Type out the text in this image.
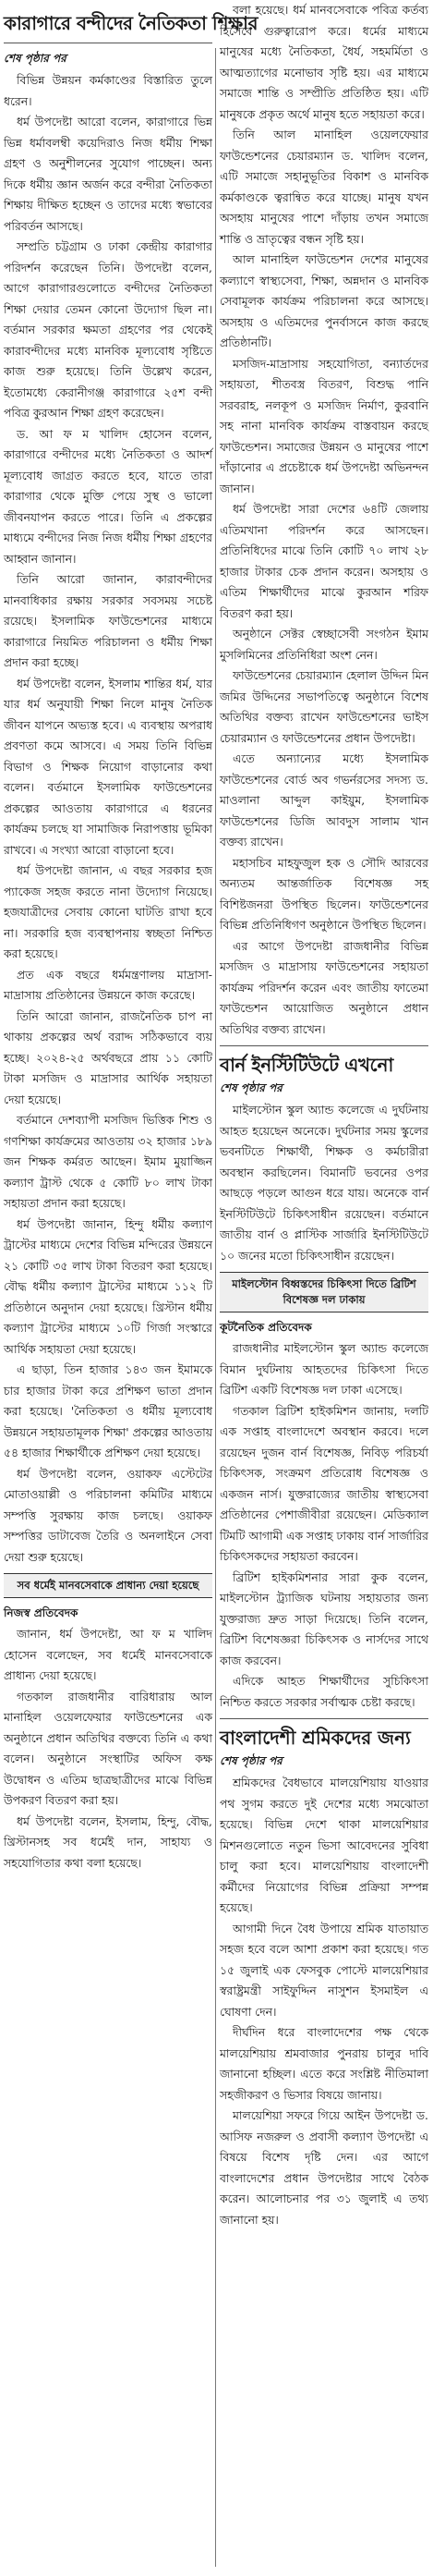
কারাগারে বন্দীদের নৈতিকতা শিক্ষার
শেষ পৃষ্ঠার পর

বিভিন্ন উন্নয়ন কর্মকাণ্ডের বিস্তারিত তুলে ধরেন।

ধর্ম উপদেষ্টা আরো বলেন, কারাগারে ভিন্ন ভিন্ন ধর্মাবলম্বী কয়েদিরাও নিজ ধর্মীয় শিক্ষা গ্রহণ ও অনুশীলনের সুযোগ পাচ্ছেন। অন্য দিকে ধর্মীয় জ্ঞান অর্জন করে বন্দীরা নৈতিকতা শিক্ষায় দীক্ষিত হচ্ছেন ও তাদের মধ্যে স্বভাবের পরিবর্তন আসছে।

সম্প্রতি চট্টগ্রাম ও ঢাকা কেন্দ্রীয় কারাগার পরিদর্শন করেছেন তিনি। উপদেষ্টা বলেন, আগে কারাগারগুলোতে বন্দীদের নৈতিকতা শিক্ষা দেয়ার তেমন কোনো উদ্যোগ ছিল না। বর্তমান সরকার ক্ষমতা গ্রহণের পর থেকেই কারাবন্দীদের মধ্যে মানবিক মূল্যবোধ সৃষ্টিতে কাজ শুরু হয়েছে। তিনি উল্লেখ করেন, ইতোমধ্যে কেরানীগঞ্জ কারাগারে ২৫শ বন্দী পবিত্র কুরআন শিক্ষা গ্রহণ করেছেন।

ড. আ ফ ম খালিদ হোসেন বলেন, কারাগারে বন্দীদের মধ্যে নৈতিকতা ও আদর্শ মূল্যবোধ জাগ্রত করতে হবে, যাতে তারা কারাগার থেকে মুক্তি পেয়ে সুস্থ ও ভালো জীবনযাপন করতে পারে। তিনি এ প্রকল্পের মাধ্যমে বন্দীদের নিজ নিজ ধর্মীয় শিক্ষা গ্রহণের আহ্বান জানান।

তিনি আরো জানান, কারাবন্দীদের মানবাধিকার রক্ষায় সরকার সবসময় সচেষ্ট রয়েছে। ইসলামিক ফাউন্ডেশনের মাধ্যমে কারাগারে নিয়মিত পরিচালনা ও ধর্মীয় শিক্ষা প্রদান করা হচ্ছে।

ধর্ম উপদেষ্টা বলেন, ইসলাম শান্তির ধর্ম, যার যার ধর্ম অনুযায়ী শিক্ষা নিলে মানুষ নৈতিক জীবন যাপনে অভ্যস্ত হবে। এ ব্যবস্থায় অপরাধ প্রবণতা কমে আসবে। এ সময় তিনি বিভিন্ন বিভাগ ও শিক্ষক নিয়োগ বাড়ানোর কথা বলেন। বর্তমানে ইসলামিক ফাউন্ডেশনের প্রকল্পের আওতায় কারাগারে এ ধরনের কার্যক্রম চলছে যা সামাজিক নিরাপত্তায় ভূমিকা রাখবে। এ সংখ্যা আরো বাড়ানো হবে।

ধর্ম উপদেষ্টা জানান, এ বছর সরকার হজ প্যাকেজ সহজ করতে নানা উদ্যোগ নিয়েছে। হজযাত্রীদের সেবায় কোনো ঘাটতি রাখা হবে না। সরকারি হজ ব্যবস্থাপনায় স্বচ্ছতা নিশ্চিত করা হয়েছে।

প্রত এক বছরে ধর্মমন্ত্রণালয় মাদ্রাসা-মাদ্রাসায় প্রতিষ্ঠানের উন্নয়নে কাজ করেছে।

তিনি আরো জানান, রাজনৈতিক চাপ না থাকায় প্রকল্পের অর্থ বরাদ্দ সঠিকভাবে ব্যয় হচ্ছে। ২০২৪-২৫ অর্থবছরে প্রায় ১১ কোটি টাকা মসজিদ ও মাদ্রাসার আর্থিক সহায়তা দেয়া হয়েছে।

বর্তমানে দেশব্যাপী মসজিদ ভিত্তিক শিশু ও গণশিক্ষা কার্যক্রমের আওতায় ৩২ হাজার ১৮৯ জন শিক্ষক কর্মরত আছেন। ইমাম মুয়াজ্জিন কল্যাণ ট্রাস্ট থেকে ৫ কোটি ৮০ লাখ টাকা সহায়তা প্রদান করা হয়েছে।

ধর্ম উপদেষ্টা জানান, হিন্দু ধর্মীয় কল্যাণ ট্রাস্টের মাধ্যমে দেশের বিভিন্ন মন্দিরের উন্নয়নে ২১ কোটি ৩৫ লাখ টাকা বিতরণ করা হয়েছে। বৌদ্ধ ধর্মীয় কল্যাণ ট্রাস্টের মাধ্যমে ১১২ টি প্রতিষ্ঠানে অনুদান দেয়া হয়েছে। খ্রিস্টান ধর্মীয় কল্যাণ ট্রাস্টের মাধ্যমে ১০টি গির্জা সংস্কারে আর্থিক সহায়তা দেয়া হয়েছে।

এ ছাড়া, তিন হাজার ১৪৩ জন ইমামকে চার হাজার টাকা করে প্রশিক্ষণ ভাতা প্রদান করা হয়েছে। 'নৈতিকতা ও ধর্মীয় মূল্যবোধ উন্নয়নে সহায়তামূলক শিক্ষা' প্রকল্পের আওতায় ৫৪ হাজার শিক্ষার্থীকে প্রশিক্ষণ দেয়া হয়েছে।

ধর্ম উপদেষ্টা বলেন, ওয়াকফ এস্টেটের মোতাওয়াল্লী ও পরিচালনা কমিটির মাধ্যমে সম্পত্তি সুরক্ষায় কাজ চলছে। ওয়াকফ সম্পত্তির ডাটাবেজ তৈরি ও অনলাইনে সেবা দেয়া শুরু হয়েছে।

সব ধর্মেই মানবসেবাকে প্রাধান্য দেয়া হয়েছে
নিজস্ব প্রতিবেদক

জানান, ধর্ম উপদেষ্টা, আ ফ ম খালিদ হোসেন বলেছেন, সব ধর্মেই মানবসেবাকে প্রাধান্য দেয়া হয়েছে।

গতকাল রাজধানীর বারিধারায় আল মানাহিল ওয়েলফেয়ার ফাউন্ডেশনের এক অনুষ্ঠানে প্রধান অতিথির বক্তব্যে তিনি এ কথা বলেন। অনুষ্ঠানে সংস্থাটির অফিস কক্ষ উদ্বোধন ও এতিম ছাত্রছাত্রীদের মাঝে বিভিন্ন উপকরণ বিতরণ করা হয়।

ধর্ম উপদেষ্টা বলেন, ইসলাম, হিন্দু, বৌদ্ধ, খ্রিস্টানসহ সব ধর্মেই দান, সাহায্য ও সহযোগিতার কথা বলা হয়েছে।

বলা হয়েছে। ধর্ম মানবসেবাকে পবিত্র কর্তব্য হিসেবে গুরুত্বারোপ করে। ধর্মের মাধ্যমে মানুষের মধ্যে নৈতিকতা, ধৈর্য, সহমর্মিতা ও আত্মত্যাগের মনোভাব সৃষ্টি হয়। এর মাধ্যমে সমাজে শান্তি ও সম্প্রীতি প্রতিষ্ঠিত হয়। এটি মানুষকে প্রকৃত অর্থে মানুষ হতে সহায়তা করে।

তিনি আল মানাহিল ওয়েলফেয়ার ফাউন্ডেশনের চেয়ারম্যান ড. খালিদ বলেন, এটি সমাজে সহানুভূতির বিকাশ ও মানবিক কর্মকাণ্ডকে ত্বরান্বিত করে যাচ্ছে। মানুষ যখন অসহায় মানুষের পাশে দাঁড়ায় তখন সমাজে শান্তি ও ভ্রাতৃত্বের বন্ধন সৃষ্টি হয়।

আল মানাহিল ফাউন্ডেশন দেশের মানুষের কল্যাণে স্বাস্থ্যসেবা, শিক্ষা, অন্নদান ও মানবিক সেবামূলক কার্যক্রম পরিচালনা করে আসছে। অসহায় ও এতিমদের পুনর্বাসনে কাজ করছে প্রতিষ্ঠানটি।

মসজিদ-মাদ্রাসায় সহযোগিতা, বন্যার্তদের সহায়তা, শীতবস্ত্র বিতরণ, বিশুদ্ধ পানি সরবরাহ, নলকূপ ও মসজিদ নির্মাণ, কুরবানি সহ নানা মানবিক কার্যক্রম বাস্তবায়ন করছে ফাউন্ডেশন। সমাজের উন্নয়ন ও মানুষের পাশে দাঁড়ানোর এ প্রচেষ্টাকে ধর্ম উপদেষ্টা অভিনন্দন জানান।

ধর্ম উপদেষ্টা সারা দেশের ৬৪টি জেলায় এতিমখানা পরিদর্শন করে আসছেন। প্রতিনিধিদের মাঝে তিনি কোটি ৭০ লাখ ২৮ হাজার টাকার চেক প্রদান করেন। অসহায় ও এতিম শিক্ষার্থীদের মাঝে কুরআন শরিফ বিতরণ করা হয়।

অনুষ্ঠানে সেক্টর স্বেচ্ছাসেবী সংগঠন ইমাম মুসলিমিনের প্রতিনিধিরা অংশ নেন।

ফাউন্ডেশনের চেয়ারম্যান হেলাল উদ্দিন মিন জমির উদ্দিনের সভাপতিত্বে অনুষ্ঠানে বিশেষ অতিথির বক্তব্য রাখেন ফাউন্ডেশনের ভাইস চেয়ারম্যান ও ফাউন্ডেশনের প্রধান উপদেষ্টা।

এতে অন্যান্যের মধ্যে ইসলামিক ফাউন্ডেশনের বোর্ড অব গভর্নরসের সদস্য ড. মাওলানা আব্দুল কাইয়ুম, ইসলামিক ফাউন্ডেশনের ডিজি আবদুস সালাম খান বক্তব্য রাখেন।

মহাসচিব মাহফুজুল হক ও সৌদি আরবের অন্যতম আন্তর্জাতিক বিশেষজ্ঞ সহ বিশিষ্টজনরা উপস্থিত ছিলেন। ফাউন্ডেশনের বিভিন্ন প্রতিনিধিগণ অনুষ্ঠানে উপস্থিত ছিলেন।

এর আগে উপদেষ্টা রাজধানীর বিভিন্ন মসজিদ ও মাদ্রাসায় ফাউন্ডেশনের সহায়তা কার্যক্রম পরিদর্শন করেন এবং জাতীয় ফাতেমা ফাউন্ডেশন আয়োজিত অনুষ্ঠানে প্রধান অতিথির বক্তব্য রাখেন।

বার্ন ইনস্টিটিউটে এখনো
শেষ পৃষ্ঠার পর

মাইলস্টোন স্কুল অ্যান্ড কলেজে এ দুর্ঘটনায় আহত হয়েছেন অনেকে। দুর্ঘটনার সময় স্কুলের ভবনটিতে শিক্ষার্থী, শিক্ষক ও কর্মচারীরা অবস্থান করছিলেন। বিমানটি ভবনের ওপর আছড়ে পড়লে আগুন ধরে যায়। অনেকে বার্ন ইনস্টিটিউটে চিকিৎসাধীন রয়েছেন। বর্তমানে জাতীয় বার্ন ও প্লাস্টিক সার্জারি ইনস্টিটিউটে ১০ জনের মতো চিকিৎসাধীন রয়েছেন।

মাইলস্টোন বিধ্বস্তদের চিকিৎসা দিতে ব্রিটিশ বিশেষজ্ঞ দল ঢাকায়
কূটনৈতিক প্রতিবেদক

রাজধানীর মাইলস্টোন স্কুল অ্যান্ড কলেজে বিমান দুর্ঘটনায় আহতদের চিকিৎসা দিতে ব্রিটিশ একটি বিশেষজ্ঞ দল ঢাকা এসেছে।

গতকাল ব্রিটিশ হাইকমিশন জানায়, দলটি এক সপ্তাহ বাংলাদেশে অবস্থান করবে। দলে রয়েছেন দুজন বার্ন বিশেষজ্ঞ, নিবিড় পরিচর্যা চিকিৎসক, সংক্রমণ প্রতিরোধ বিশেষজ্ঞ ও একজন নার্স। যুক্তরাজ্যের জাতীয় স্বাস্থ্যসেবা প্রতিষ্ঠানের পেশাজীবীরা রয়েছেন। মেডিক্যাল টিমটি আগামী এক সপ্তাহ ঢাকায় বার্ন সার্জারির চিকিৎসকদের সহায়তা করবেন।

ব্রিটিশ হাইকমিশনার সারা কুক বলেন, মাইলস্টোন ট্র্যাজিক ঘটনায় সহায়তার জন্য যুক্তরাজ্য দ্রুত সাড়া দিয়েছে। তিনি বলেন, ব্রিটিশ বিশেষজ্ঞরা চিকিৎসক ও নার্সদের সাথে কাজ করবেন।

এদিকে আহত শিক্ষার্থীদের সুচিকিৎসা নিশ্চিত করতে সরকার সর্বাত্মক চেষ্টা করছে।

বাংলাদেশী শ্রমিকদের জন্য
শেষ পৃষ্ঠার পর

শ্রমিকদের বৈধভাবে মালয়েশিয়ায় যাওয়ার পথ সুগম করতে দুই দেশের মধ্যে সমঝোতা হয়েছে। বিভিন্ন দেশে থাকা মালয়েশিয়ার মিশনগুলোতে নতুন ভিসা আবেদনের সুবিধা চালু করা হবে। মালয়েশিয়ায় বাংলাদেশী কর্মীদের নিয়োগের বিভিন্ন প্রক্রিয়া সম্পন্ন হয়েছে।

আগামী দিনে বৈধ উপায়ে শ্রমিক যাতায়াত সহজ হবে বলে আশা প্রকাশ করা হয়েছে। গত ১৫ জুলাই এক ফেসবুক পোস্টে মালয়েশিয়ার স্বরাষ্ট্রমন্ত্রী সাইফুদ্দিন নাসুশন ইসমাইল এ ঘোষণা দেন।

দীর্ঘদিন ধরে বাংলাদেশের পক্ষ থেকে মালয়েশিয়ায় শ্রমবাজার পুনরায় চালুর দাবি জানানো হচ্ছিল। এতে করে সংশ্লিষ্ট নীতিমালা সহজীকরণ ও ভিসার বিষয়ে জানায়।

মালয়েশিয়া সফরে গিয়ে আইন উপদেষ্টা ড. আসিফ নজরুল ও প্রবাসী কল্যাণ উপদেষ্টা এ বিষয়ে বিশেষ দৃষ্টি দেন। এর আগে বাংলাদেশের প্রধান উপদেষ্টার সাথে বৈঠক করেন। আলোচনার পর ৩১ জুলাই এ তথ্য জানানো হয়।
